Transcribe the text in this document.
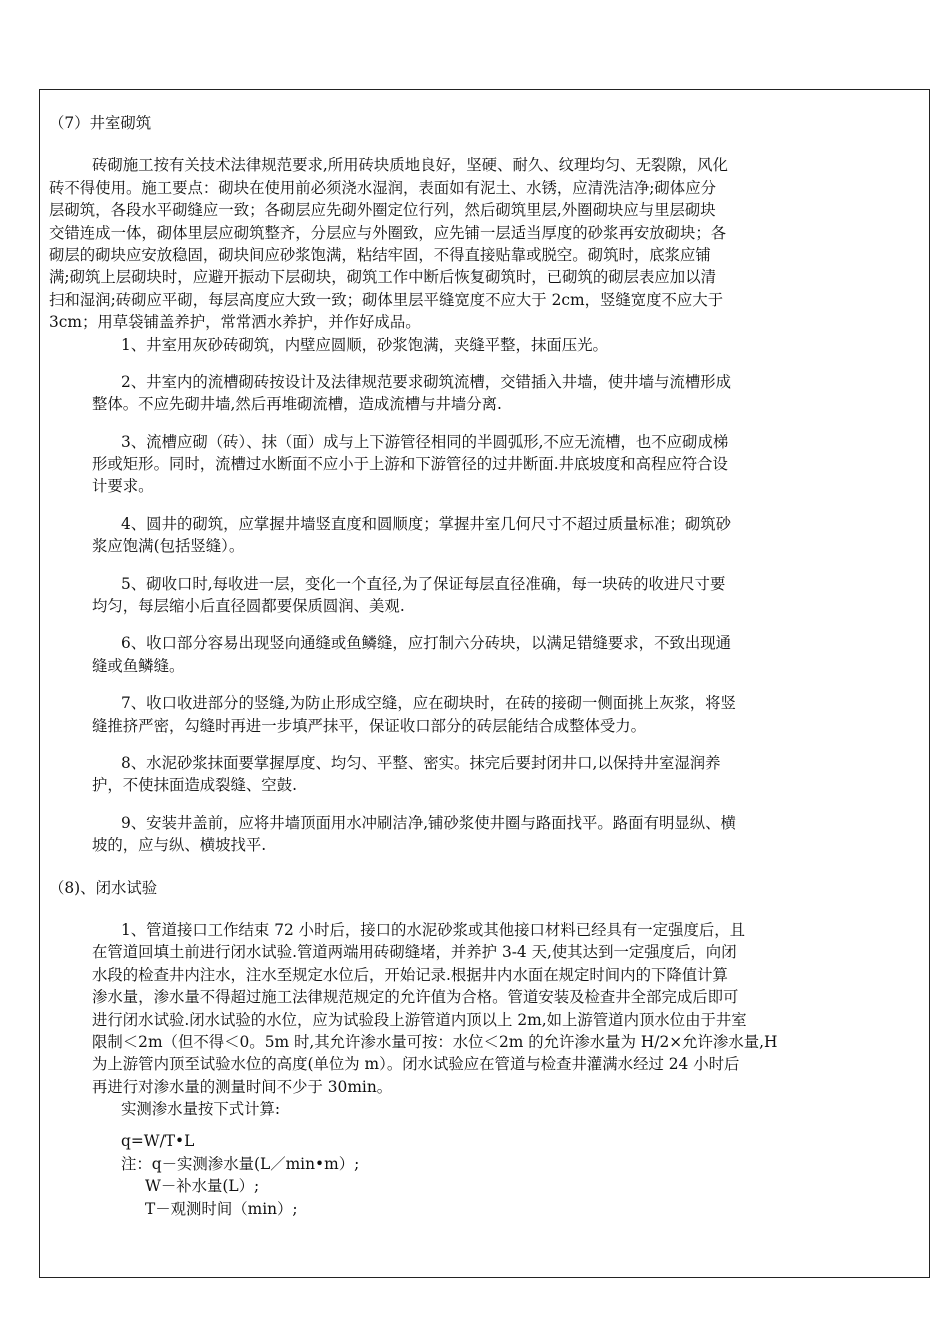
（7）井室砌筑
砖砌施工按有关技术法律规范要求,所用砖块质地良好，坚硬、耐久、纹理均匀、无裂隙，风化
砖不得使用。施工要点：砌块在使用前必须浇水湿润，表面如有泥土、水锈，应清洗洁净;砌体应分
层砌筑，各段水平砌缝应一致；各砌层应先砌外圈定位行列，然后砌筑里层,外圈砌块应与里层砌块
交错连成一体，砌体里层应砌筑整齐，分层应与外圈致，应先铺一层适当厚度的砂浆再安放砌块；各
砌层的砌块应安放稳固，砌块间应砂浆饱满，粘结牢固，不得直接贴靠或脱空。砌筑时，底浆应铺
满;砌筑上层砌块时，应避开振动下层砌块，砌筑工作中断后恢复砌筑时，已砌筑的砌层表应加以清
扫和湿润;砖砌应平砌，每层高度应大致一致；砌体里层平缝宽度不应大于 2cm，竖缝宽度不应大于
3cm；用草袋铺盖养护，常常洒水养护，并作好成品。
1、井室用灰砂砖砌筑，内壁应圆顺，砂浆饱满，夹缝平整，抹面压光。
2、井室内的流槽砌砖按设计及法律规范要求砌筑流槽，交错插入井墙，使井墙与流槽形成
整体。不应先砌井墙,然后再堆砌流槽，造成流槽与井墙分离.
3、流槽应砌（砖）、抹（面）成与上下游管径相同的半圆弧形,不应无流槽，也不应砌成梯
形或矩形。同时，流槽过水断面不应小于上游和下游管径的过井断面.井底坡度和高程应符合设
计要求。
4、圆井的砌筑，应掌握井墙竖直度和圆顺度；掌握井室几何尺寸不超过质量标准；砌筑砂
浆应饱满(包括竖缝）。
5、砌收口时,每收进一层，变化一个直径,为了保证每层直径准确，每一块砖的收进尺寸要
均匀，每层缩小后直径圆都要保质圆润、美观.
6、收口部分容易出现竖向通缝或鱼鳞缝，应打制六分砖块，以满足错缝要求，不致出现通
缝或鱼鳞缝。
7、收口收进部分的竖缝,为防止形成空缝，应在砌块时，在砖的接砌一侧面挑上灰浆，将竖
缝推挤严密，勾缝时再进一步填严抹平，保证收口部分的砖层能结合成整体受力。
8、水泥砂浆抹面要掌握厚度、均匀、平整、密实。抹完后要封闭井口,以保持井室湿润养
护，不使抹面造成裂缝、空鼓.
9、安装井盖前，应将井墙顶面用水冲刷洁净,铺砂浆使井圈与路面找平。路面有明显纵、横
坡的，应与纵、横坡找平.
（8)、闭水试验
1、管道接口工作结束 72 小时后，接口的水泥砂浆或其他接口材料已经具有一定强度后，且
在管道回填土前进行闭水试验.管道两端用砖砌缝堵，并养护 3-4 天,使其达到一定强度后，向闭
水段的检查井内注水，注水至规定水位后，开始记录.根据井内水面在规定时间内的下降值计算
渗水量，渗水量不得超过施工法律规范规定的允许值为合格。管道安装及检查井全部完成后即可
进行闭水试验.闭水试验的水位，应为试验段上游管道内顶以上 2m,如上游管道内顶水位由于井室
限制＜2m（但不得＜0。5m 时,其允许渗水量可按：水位＜2m 的允许渗水量为 H/2×允许渗水量,H
为上游管内顶至试验水位的高度(单位为 m）。闭水试验应在管道与检查井灌满水经过 24 小时后
再进行对渗水量的测量时间不少于 30min。
实测渗水量按下式计算:
q=W/T•L
注：q－实测渗水量(L／min•m）;
W－补水量(L）;
T－观测时间（min）;
